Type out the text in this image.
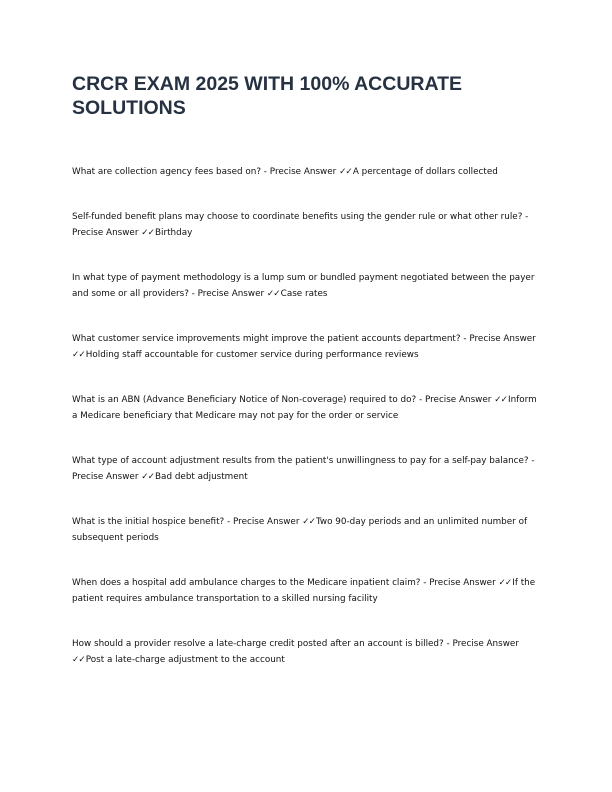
CRCR EXAM 2025 WITH 100% ACCURATE SOLUTIONS

What are collection agency fees based on? - Precise Answer ✓✓A percentage of dollars collected

Self-funded benefit plans may choose to coordinate benefits using the gender rule or what other rule? - Precise Answer ✓✓Birthday

In what type of payment methodology is a lump sum or bundled payment negotiated between the payer and some or all providers? - Precise Answer ✓✓Case rates

What customer service improvements might improve the patient accounts department? - Precise Answer ✓✓Holding staff accountable for customer service during performance reviews

What is an ABN (Advance Beneficiary Notice of Non-coverage) required to do? - Precise Answer ✓✓Inform a Medicare beneficiary that Medicare may not pay for the order or service

What type of account adjustment results from the patient's unwillingness to pay for a self-pay balance? - Precise Answer ✓✓Bad debt adjustment

What is the initial hospice benefit? - Precise Answer ✓✓Two 90-day periods and an unlimited number of subsequent periods

When does a hospital add ambulance charges to the Medicare inpatient claim? - Precise Answer ✓✓If the patient requires ambulance transportation to a skilled nursing facility

How should a provider resolve a late-charge credit posted after an account is billed? - Precise Answer ✓✓Post a late-charge adjustment to the account
